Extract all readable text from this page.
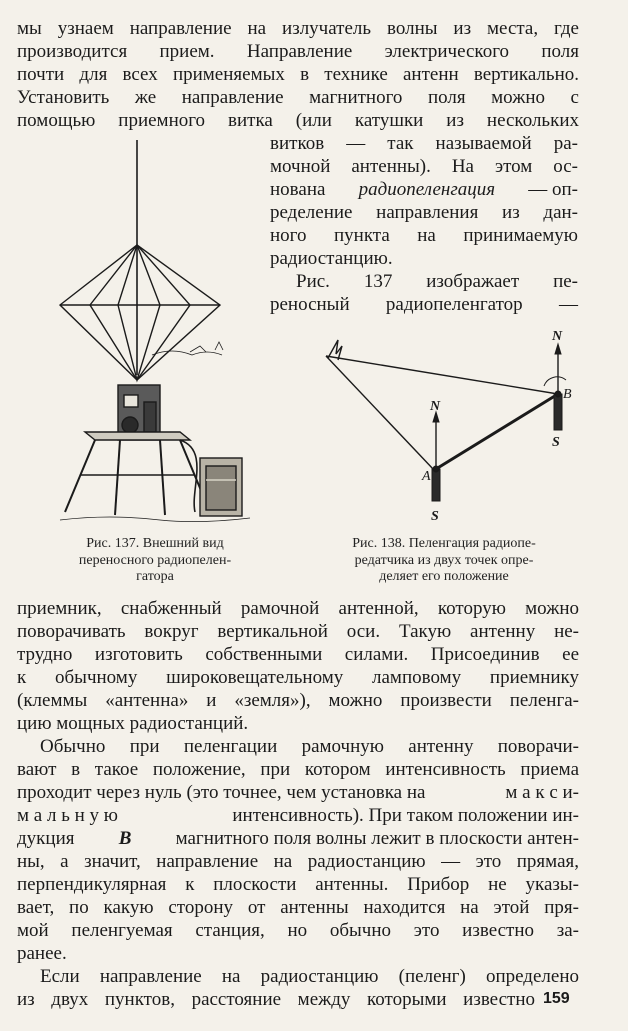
мы узнаем направление на излучатель волны из места, где
производится прием. Направление электрического поля
почти для всех применяемых в технике антенн вертикально.
Установить же направление магнитного поля можно с
помощью приемного витка (или катушки из нескольких
витков — так называемой ра-
мочной антенны). На этом ос-
нована радиопеленгация — оп-
ределение направления из дан-
ного пункта на принимаемую
радиостанцию.
Рис. 137 изображает пе-
реносный радиопеленгатор —
N
N
S
S
A
B
Рис. 137. Внешний вид
переносного радиопелен-
гатора
Рис. 138. Пеленгация радиопе-
редатчика из двух точек опре-
деляет его положение
приемник, снабженный рамочной антенной, которую можно
поворачивать вокруг вертикальной оси. Такую антенну не-
трудно изготовить собственными силами. Присоединив ее
к обычному широковещательному ламповому приемнику
(клеммы «антенна» и «земля»), можно произвести пеленга-
цию мощных радиостанций.
Обычно при пеленгации рамочную антенну поворачи-
вают в такое положение, при котором интенсивность приема
проходит через нуль (это точнее, чем установка на	м а к с и-
м а л ь н у ю	интенсивность). При таком положении ин-
дукция B магнитного поля волны лежит в плоскости антен-
ны, а значит, направление на радиостанцию — это прямая,
перпендикулярная к плоскости антенны. Прибор не указы-
вает, по какую сторону от антенны находится на этой пря-
мой пеленгуемая станция, но обычно это известно за-
ранее.
Если направление на радиостанцию (пеленг) определено
из двух пунктов, расстояние между которыми известно 159
